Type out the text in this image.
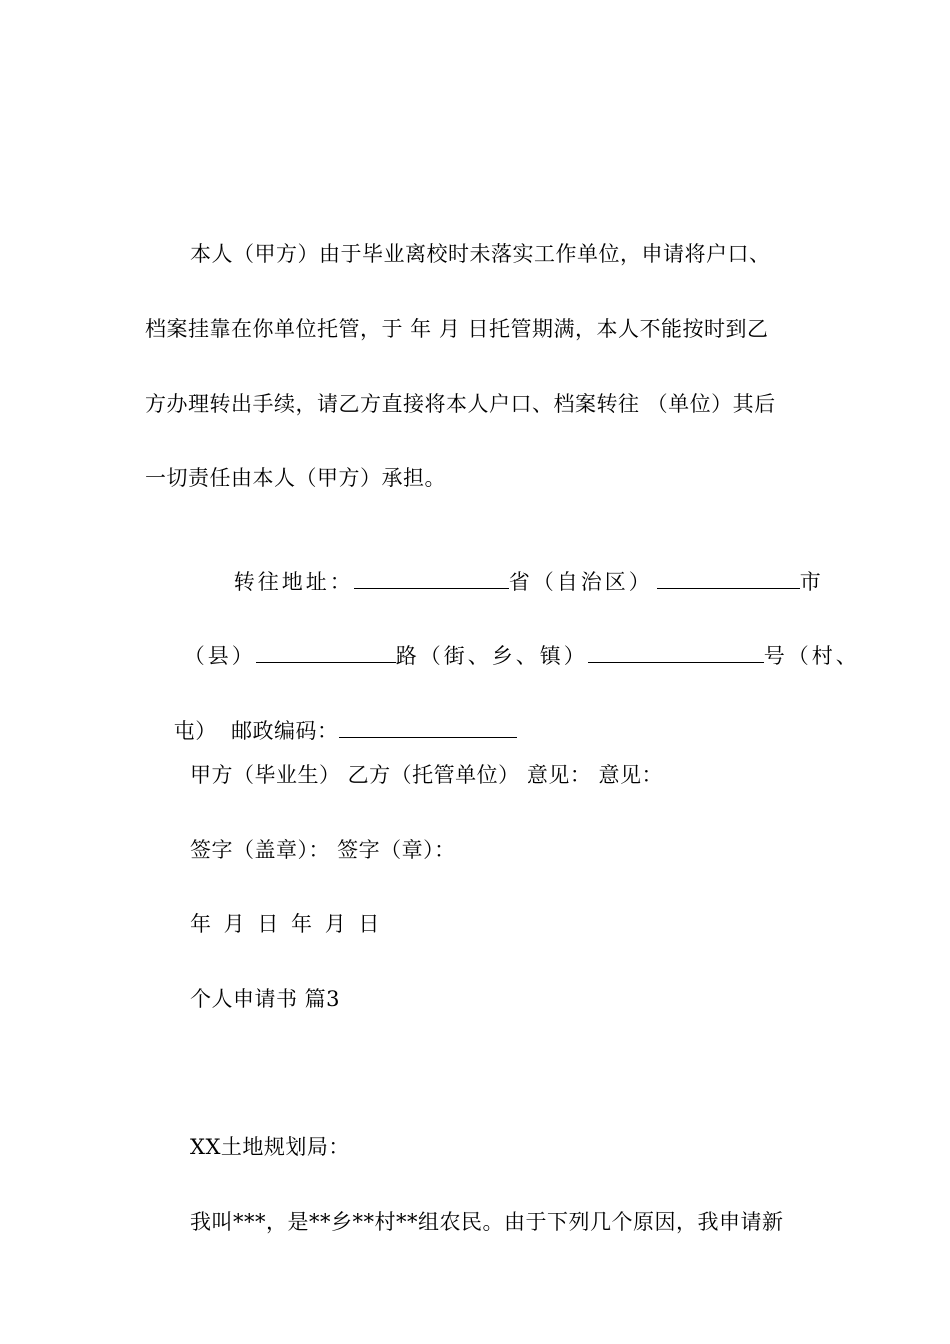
本人（甲方）由于毕业离校时未落实工作单位，申请将户口、
档案挂靠在你单位托管，于 年 月 日托管期满，本人不能按时到乙
方办理转出手续，请乙方直接将本人户口、档案转往 （单位）其后
一切责任由本人（甲方）承担。

转往地址：	省（自治区）	市

（县）	路（街、乡、镇）	号（村、

屯） 邮政编码：

甲方（毕业生） 乙方（托管单位） 意见： 意见：
签字（盖章）： 签字（章）：
年 月 日 年 月 日
个人申请书 篇3
XX土地规划局：
我叫***，是**乡**村**组农民。由于下列几个原因，我申请新
